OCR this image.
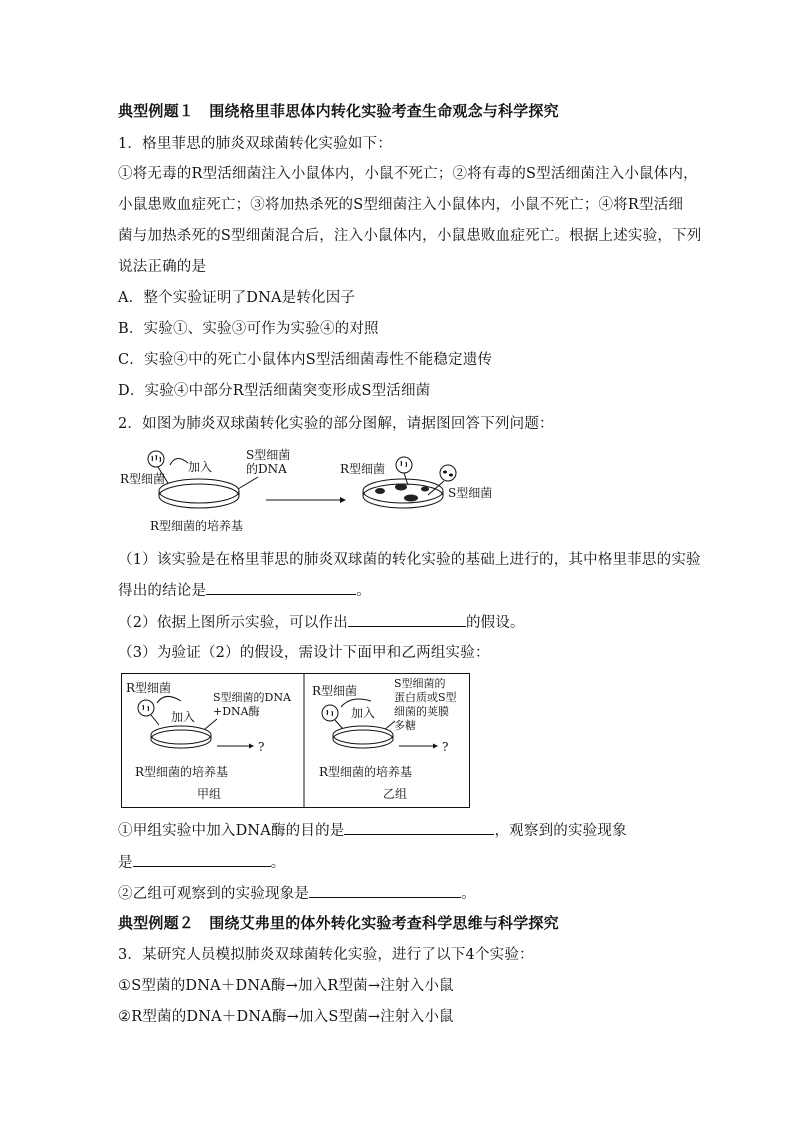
典型例题１　围绕格里菲思体内转化实验考查生命观念与科学探究
1．格里菲思的肺炎双球菌转化实验如下：
①将无毒的R型活细菌注入小鼠体内，小鼠不死亡；②将有毒的S型活细菌注入小鼠体内，
小鼠患败血症死亡；③将加热杀死的S型细菌注入小鼠体内，小鼠不死亡；④将R型活细
菌与加热杀死的S型细菌混合后，注入小鼠体内，小鼠患败血症死亡。根据上述实验，下列
说法正确的是
A．整个实验证明了DNA是转化因子
B．实验①、实验③可作为实验④的对照
C．实验④中的死亡小鼠体内S型活细菌毒性不能稳定遗传
D．实验④中部分R型活细菌突变形成S型活细菌
2．如图为肺炎双球菌转化实验的部分图解，请据图回答下列问题：
R型细菌
加入
S型细菌
的DNA
R型细菌的培养基
R型细菌
S型细菌
（1）该实验是在格里菲思的肺炎双球菌的转化实验的基础上进行的，其中格里菲思的实验
得出的结论是	。
（2）依据上图所示实验，可以作出	的假设。
（3）为验证（2）的假设，需设计下面甲和乙两组实验：
R型细菌
加入
S型细菌的DNA
+DNA酶
?
R型细菌的培养基
甲组
R型细菌
加入
S型细菌的
蛋白质或S型
细菌的荚膜
多糖
?
R型细菌的培养基
乙组
①甲组实验中加入DNA酶的目的是	，观察到的实验现象
是	。
②乙组可观察到的实验现象是	。
典型例题２　围绕艾弗里的体外转化实验考查科学思维与科学探究
3．某研究人员模拟肺炎双球菌转化实验，进行了以下4个实验：
①S型菌的DNA＋DNA酶→加入R型菌→注射入小鼠
②R型菌的DNA＋DNA酶→加入S型菌→注射入小鼠
